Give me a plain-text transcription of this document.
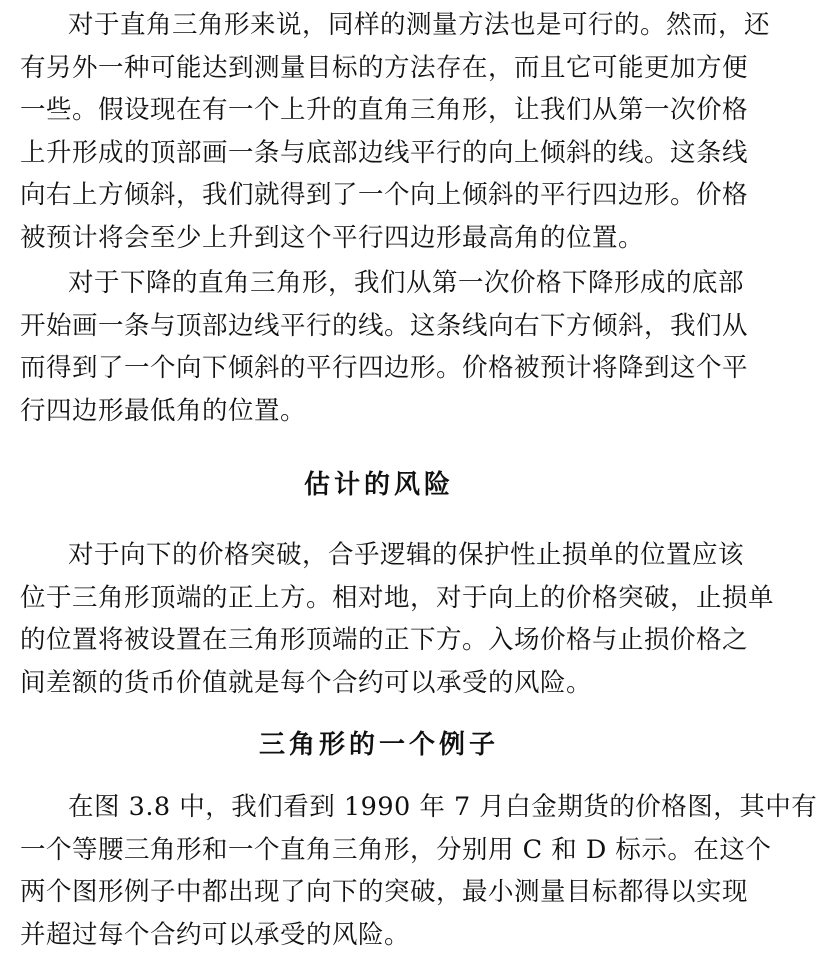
对于直角三角形来说，同样的测量方法也是可行的。然而，还
有另外一种可能达到测量目标的方法存在，而且它可能更加方便
一些。假设现在有一个上升的直角三角形，让我们从第一次价格
上升形成的顶部画一条与底部边线平行的向上倾斜的线。这条线
向右上方倾斜，我们就得到了一个向上倾斜的平行四边形。价格
被预计将会至少上升到这个平行四边形最高角的位置。
对于下降的直角三角形，我们从第一次价格下降形成的底部
开始画一条与顶部边线平行的线。这条线向右下方倾斜，我们从
而得到了一个向下倾斜的平行四边形。价格被预计将降到这个平
行四边形最低角的位置。
估计的风险
对于向下的价格突破，合乎逻辑的保护性止损单的位置应该
位于三角形顶端的正上方。相对地，对于向上的价格突破，止损单
的位置将被设置在三角形顶端的正下方。入场价格与止损价格之
间差额的货币价值就是每个合约可以承受的风险。
三角形的一个例子
在图 3.8 中，我们看到 1990 年 7 月白金期货的价格图，其中有
一个等腰三角形和一个直角三角形，分别用 C 和 D 标示。在这个
两个图形例子中都出现了向下的突破，最小测量目标都得以实现
并超过每个合约可以承受的风险。
